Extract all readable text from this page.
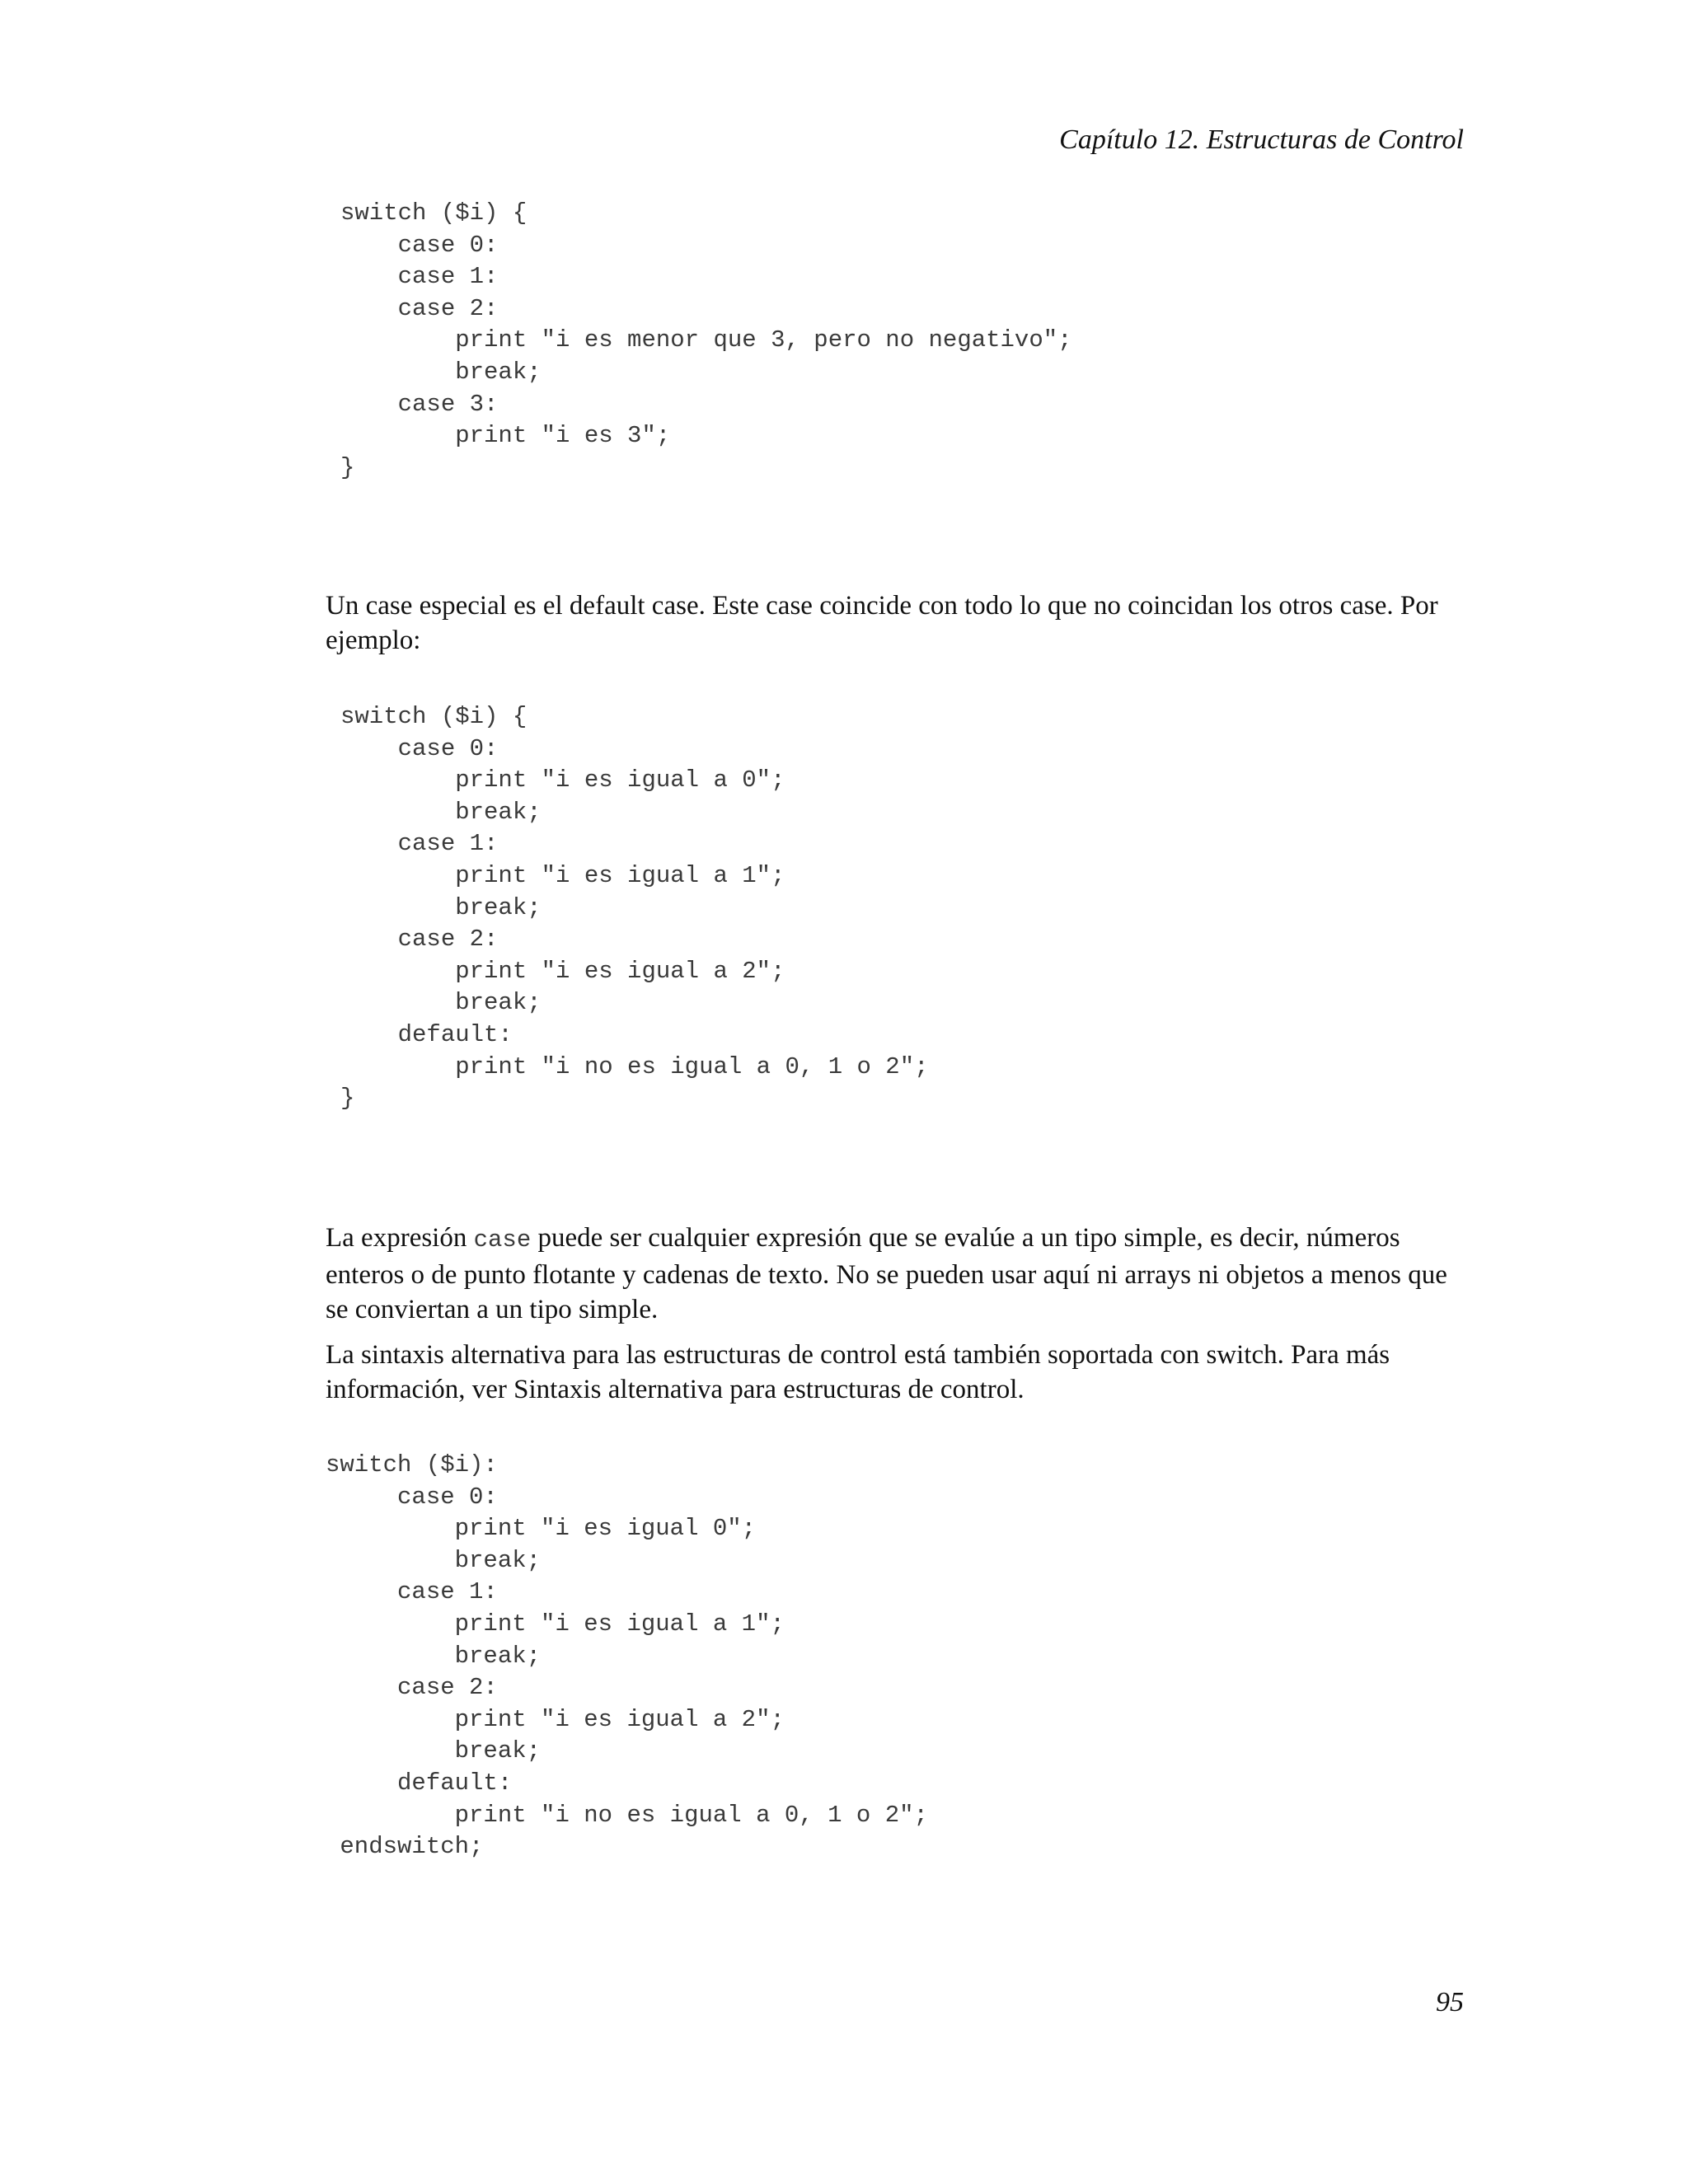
Capítulo 12. Estructuras de Control
switch ($i) {
case 0:
case 1:
case 2:
print "i es menor que 3, pero no negativo";
break;
case 3:
print "i es 3";
}

Un case especial es el default case. Este case coincide con todo lo que no coincidan los otros case. Por ejemplo:

switch ($i) {
case 0:
print "i es igual a 0";
break;
case 1:
print "i es igual a 1";
break;
case 2:
print "i es igual a 2";
break;
default:
print "i no es igual a 0, 1 o 2";
}

La expresión case puede ser cualquier expresión que se evalúe a un tipo simple, es decir, números enteros o de punto flotante y cadenas de texto. No se pueden usar aquí ni arrays ni objetos a menos que se conviertan a un tipo simple.

La sintaxis alternativa para las estructuras de control está también soportada con switch. Para más información, ver Sintaxis alternativa para estructuras de control.

switch ($i):
case 0:
print "i es igual 0";
break;
case 1:
print "i es igual a 1";
break;
case 2:
print "i es igual a 2";
break;
default:
print "i no es igual a 0, 1 o 2";
endswitch;
95
